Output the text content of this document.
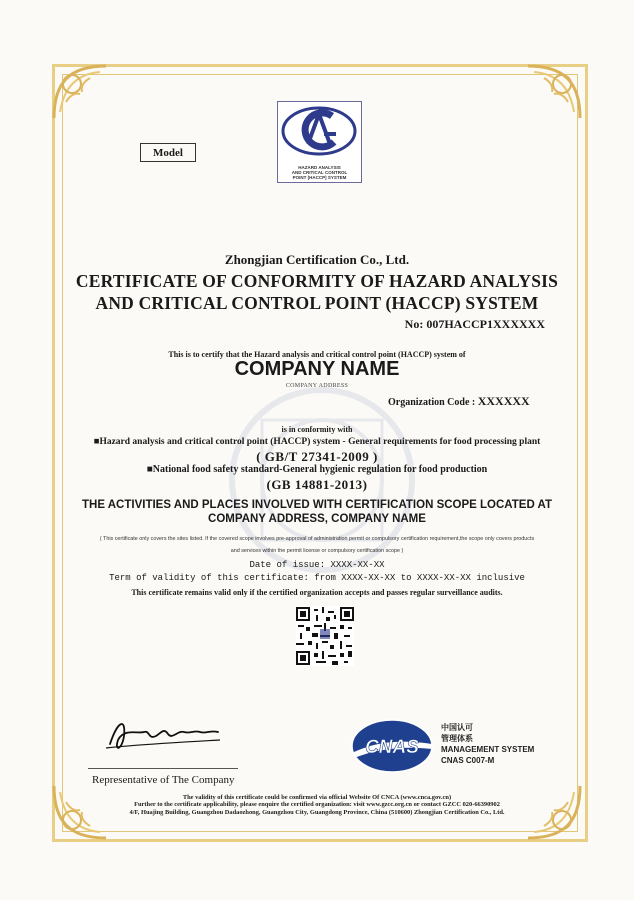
Model
HAZARD ANALYSIS
AND CRITICAL CONTROL
POINT (HACCP) SYSTEM
Zhongjian Certification Co., Ltd.
CERTIFICATE OF CONFORMITY OF HAZARD ANALYSIS
AND CRITICAL CONTROL POINT (HACCP) SYSTEM
No: 007HACCP1XXXXXX
This is to certify that the Hazard analysis and critical control point (HACCP) system of
COMPANY NAME
COMPANY ADDRESS
Organization Code : XXXXXX
is in conformity with
■Hazard analysis and critical control point (HACCP) system - General requirements for food processing plant
( GB/T 27341-2009 )
■National food safety standard-General hygienic regulation for food production
(GB 14881-2013)
THE ACTIVITIES AND PLACES INVOLVED WITH CERTIFICATION SCOPE LOCATED AT
COMPANY ADDRESS, COMPANY NAME
( This certificate only covers the sites listed. If the covered scope involves pre-approval of administration permit or compulsory certification requirement,the scope only covers products
and services within the permit license or compulsory certification scope )
Date of issue: XXXX-XX-XX
Term of validity of this certificate: from XXXX-XX-XX to XXXX-XX-XX inclusive
This certificate remains valid only if the certified organization accepts and passes regular surveillance audits.
Representative of The Company
CNAS
中国认可
管理体系
MANAGEMENT SYSTEM
CNAS C007-M
The validity of this certificate could be confirmed via official Website Of CNCA (www.cnca.gov.cn)
Further to the certificate applicability, please enquire the certified organization: visit www.gzcc.org.cn or contact GZCC 020-66390902
4/F, Huajing Building, Guangzhou Dadaozhong, Guangzhou City, Guangdong Province, China (510600) Zhongjian Certification Co., Ltd.
